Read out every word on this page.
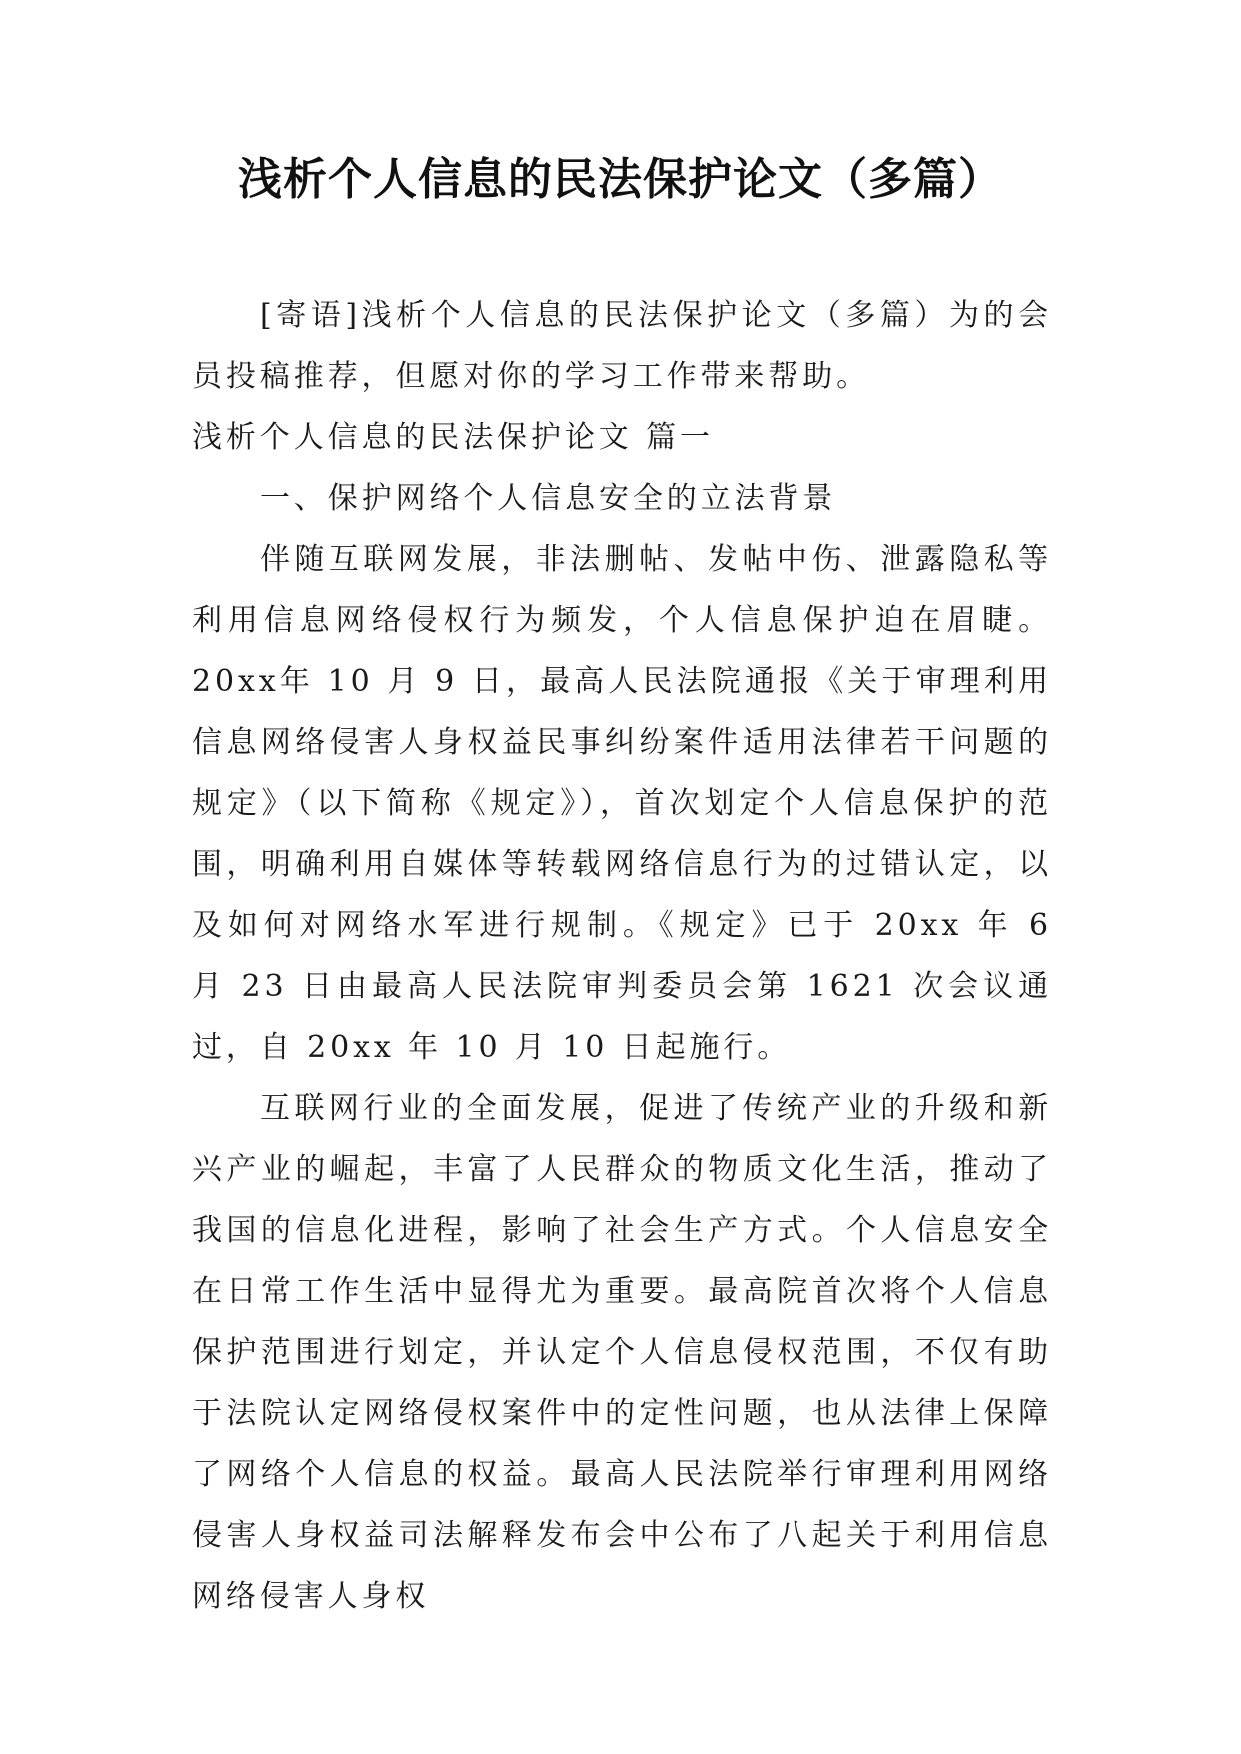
浅析个人信息的民法保护论文（多篇）

[寄语]浅析个人信息的民法保护论文（多篇）为的会员投稿推荐，但愿对你的学习工作带来帮助。

浅析个人信息的民法保护论文 篇一

一、保护网络个人信息安全的立法背景

伴随互联网发展，非法删帖、发帖中伤、泄露隐私等利用信息网络侵权行为频发，个人信息保护迫在眉睫。20xx年 10 月 9 日，最高人民法院通报《关于审理利用信息网络侵害人身权益民事纠纷案件适用法律若干问题的规定》（以下简称《规定》），首次划定个人信息保护的范围，明确利用自媒体等转载网络信息行为的过错认定，以及如何对网络水军进行规制。《规定》已于 20xx 年 6 月 23 日由最高人民法院审判委员会第 1621 次会议通过，自 20xx 年 10 月 10 日起施行。

互联网行业的全面发展，促进了传统产业的升级和新兴产业的崛起，丰富了人民群众的物质文化生活，推动了我国的信息化进程，影响了社会生产方式。个人信息安全在日常工作生活中显得尤为重要。最高院首次将个人信息保护范围进行划定，并认定个人信息侵权范围，不仅有助于法院认定网络侵权案件中的定性问题，也从法律上保障了网络个人信息的权益。最高人民法院举行审理利用网络侵害人身权益司法解释发布会中公布了八起关于利用信息网络侵害人身权
